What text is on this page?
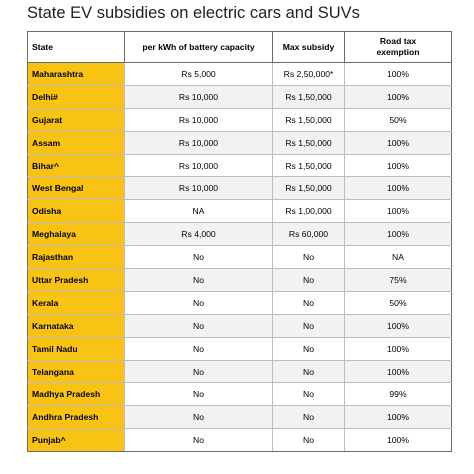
State EV subsidies on electric cars and SUVs
State	per kWh of battery capacity	Max subsidy	Road tax
exemption
Maharashtra	Rs 5,000	Rs 2,50,000*	100%
Delhi#	Rs 10,000	Rs 1,50,000	100%
Gujarat	Rs 10,000	Rs 1,50,000	50%
Assam	Rs 10,000	Rs 1,50,000	100%
Bihar^	Rs 10,000	Rs 1,50,000	100%
West Bengal	Rs 10,000	Rs 1,50,000	100%
Odisha	NA	Rs 1,00,000	100%
Meghalaya	Rs 4,000	Rs 60,000	100%
Rajasthan	No	No	NA
Uttar Pradesh	No	No	75%
Kerala	No	No	50%
Karnataka	No	No	100%
Tamil Nadu	No	No	100%
Telangana	No	No	100%
Madhya Pradesh	No	No	99%
Andhra Pradesh	No	No	100%
Punjab^	No	No	100%
